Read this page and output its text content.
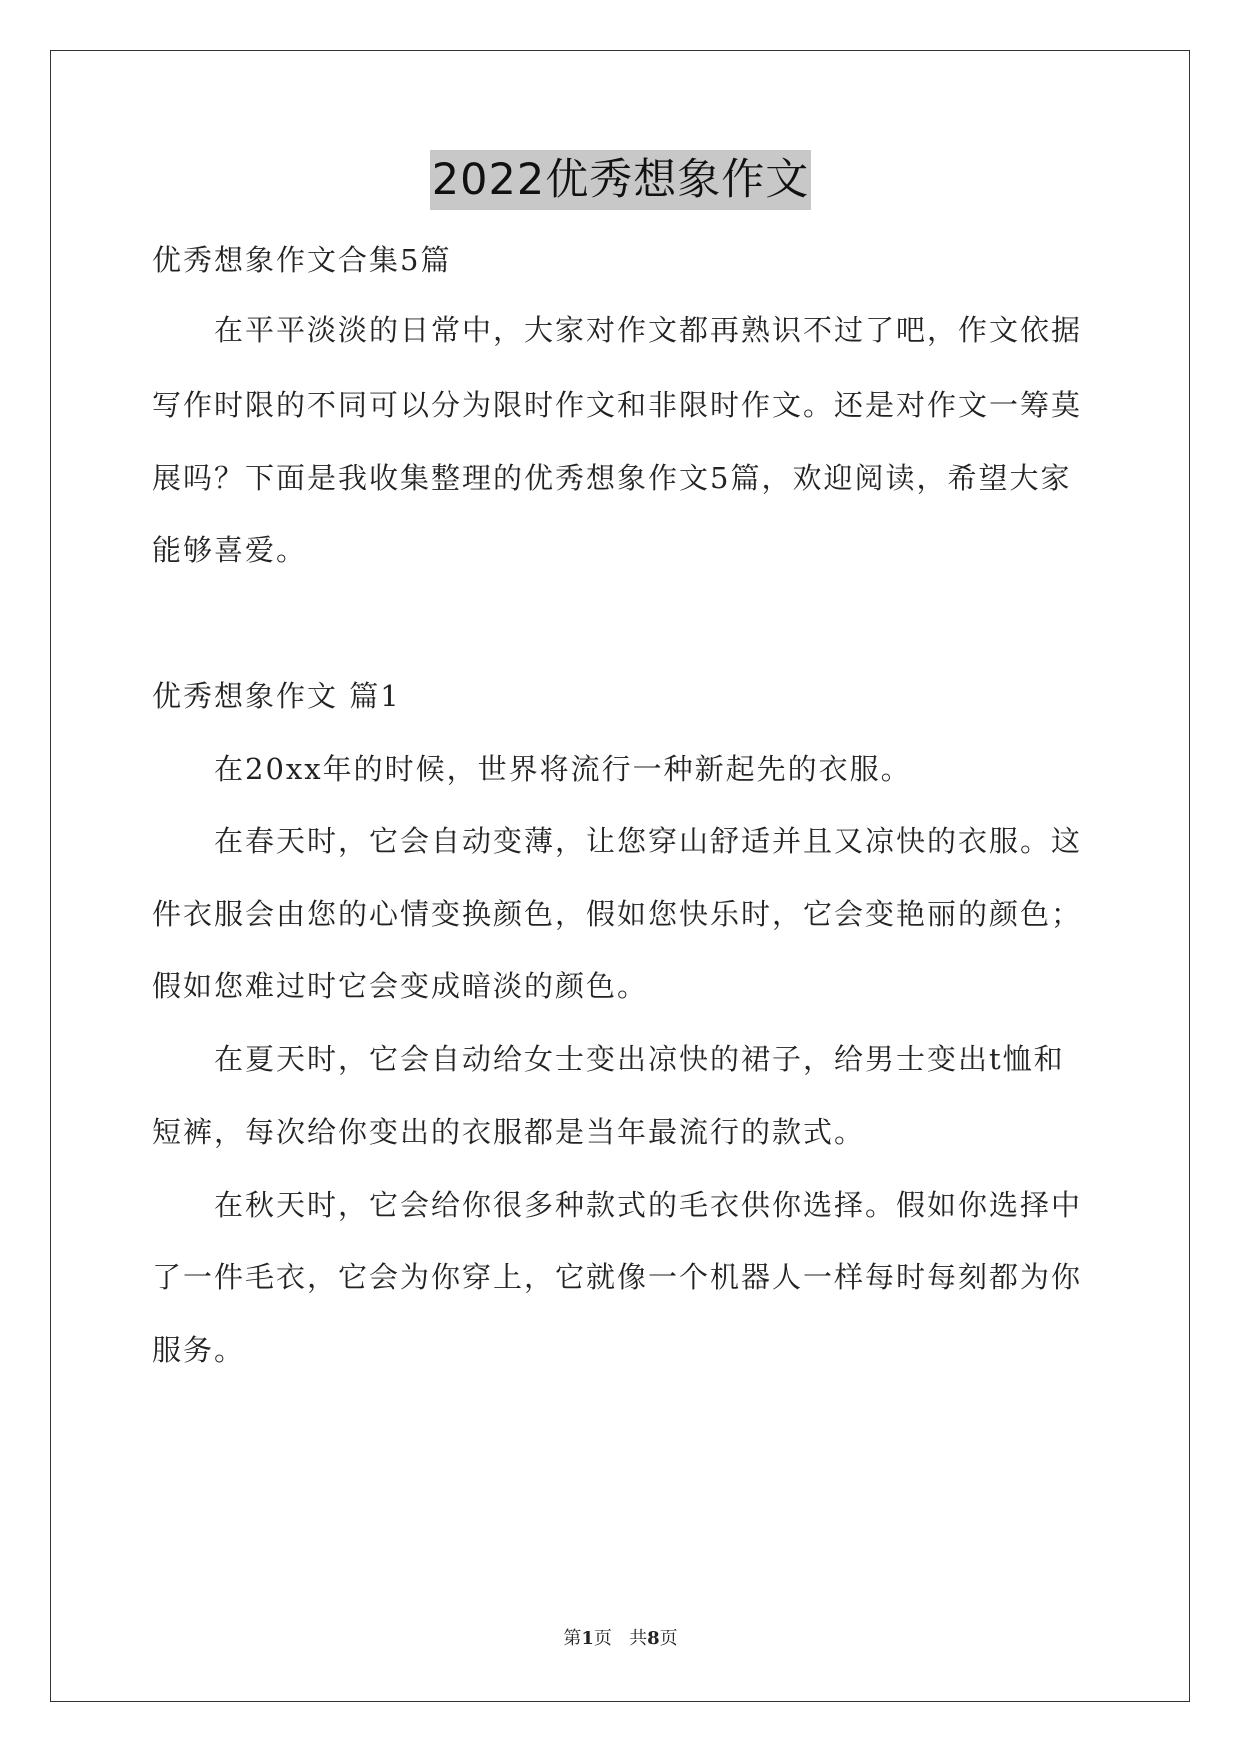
2022优秀想象作文
优秀想象作文合集5篇
在平平淡淡的日常中，大家对作文都再熟识不过了吧，作文依据
写作时限的不同可以分为限时作文和非限时作文。还是对作文一筹莫
展吗？下面是我收集整理的优秀想象作文5篇，欢迎阅读，希望大家
能够喜爱。
优秀想象作文 篇1
在20xx年的时候，世界将流行一种新起先的衣服。
在春天时，它会自动变薄，让您穿山舒适并且又凉快的衣服。这
件衣服会由您的心情变换颜色，假如您快乐时，它会变艳丽的颜色；
假如您难过时它会变成暗淡的颜色。
在夏天时，它会自动给女士变出凉快的裙子，给男士变出t恤和
短裤，每次给你变出的衣服都是当年最流行的款式。
在秋天时，它会给你很多种款式的毛衣供你选择。假如你选择中
了一件毛衣，它会为你穿上，它就像一个机器人一样每时每刻都为你
服务。
第1页   共8页
